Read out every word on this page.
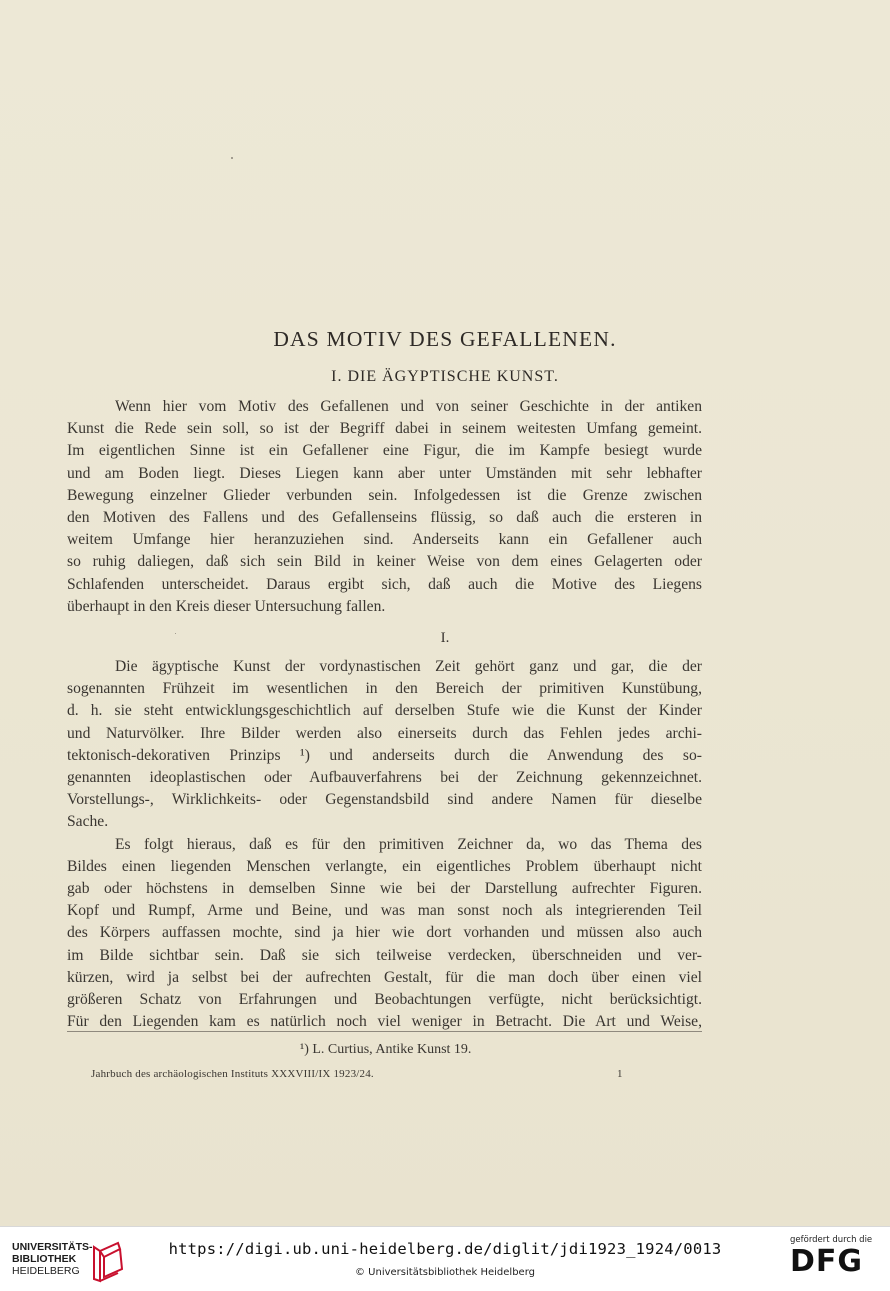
DAS MOTIV DES GEFALLENEN.
I. DIE ÄGYPTISCHE KUNST.
Wenn hier vom Motiv des Gefallenen und von seiner Geschichte in der antiken
Kunst die Rede sein soll, so ist der Begriff dabei in seinem weitesten Umfang gemeint.
Im eigentlichen Sinne ist ein Gefallener eine Figur, die im Kampfe besiegt wurde
und am Boden liegt. Dieses Liegen kann aber unter Umständen mit sehr lebhafter
Bewegung einzelner Glieder verbunden sein. Infolgedessen ist die Grenze zwischen
den Motiven des Fallens und des Gefallenseins flüssig, so daß auch die ersteren in
weitem Umfange hier heranzuziehen sind. Anderseits kann ein Gefallener auch
so ruhig daliegen, daß sich sein Bild in keiner Weise von dem eines Gelagerten oder
Schlafenden unterscheidet. Daraus ergibt sich, daß auch die Motive des Liegens
überhaupt in den Kreis dieser Untersuchung fallen.
I.
Die ägyptische Kunst der vordynastischen Zeit gehört ganz und gar, die der
sogenannten Frühzeit im wesentlichen in den Bereich der primitiven Kunstübung,
d. h. sie steht entwicklungsgeschichtlich auf derselben Stufe wie die Kunst der Kinder
und Naturvölker. Ihre Bilder werden also einerseits durch das Fehlen jedes archi-
tektonisch-dekorativen Prinzips ¹) und anderseits durch die Anwendung des so-
genannten ideoplastischen oder Aufbauverfahrens bei der Zeichnung gekennzeichnet.
Vorstellungs-, Wirklichkeits- oder Gegenstandsbild sind andere Namen für dieselbe
Sache.
Es folgt hieraus, daß es für den primitiven Zeichner da, wo das Thema des
Bildes einen liegenden Menschen verlangte, ein eigentliches Problem überhaupt nicht
gab oder höchstens in demselben Sinne wie bei der Darstellung aufrechter Figuren.
Kopf und Rumpf, Arme und Beine, und was man sonst noch als integrierenden Teil
des Körpers auffassen mochte, sind ja hier wie dort vorhanden und müssen also auch
im Bilde sichtbar sein. Daß sie sich teilweise verdecken, überschneiden und ver-
kürzen, wird ja selbst bei der aufrechten Gestalt, für die man doch über einen viel
größeren Schatz von Erfahrungen und Beobachtungen verfügte, nicht berücksichtigt.
Für den Liegenden kam es natürlich noch viel weniger in Betracht. Die Art und Weise,
¹) L. Curtius, Antike Kunst 19.
Jahrbuch des archäologischen Instituts XXXVIII/IX 1923/24.	1
UNIVERSITÄTS-
BIBLIOTHEK
HEIDELBERG
https://digi.ub.uni-heidelberg.de/diglit/jdi1923_1924/0013
© Universitätsbibliothek Heidelberg
gefördert durch die
DFG
